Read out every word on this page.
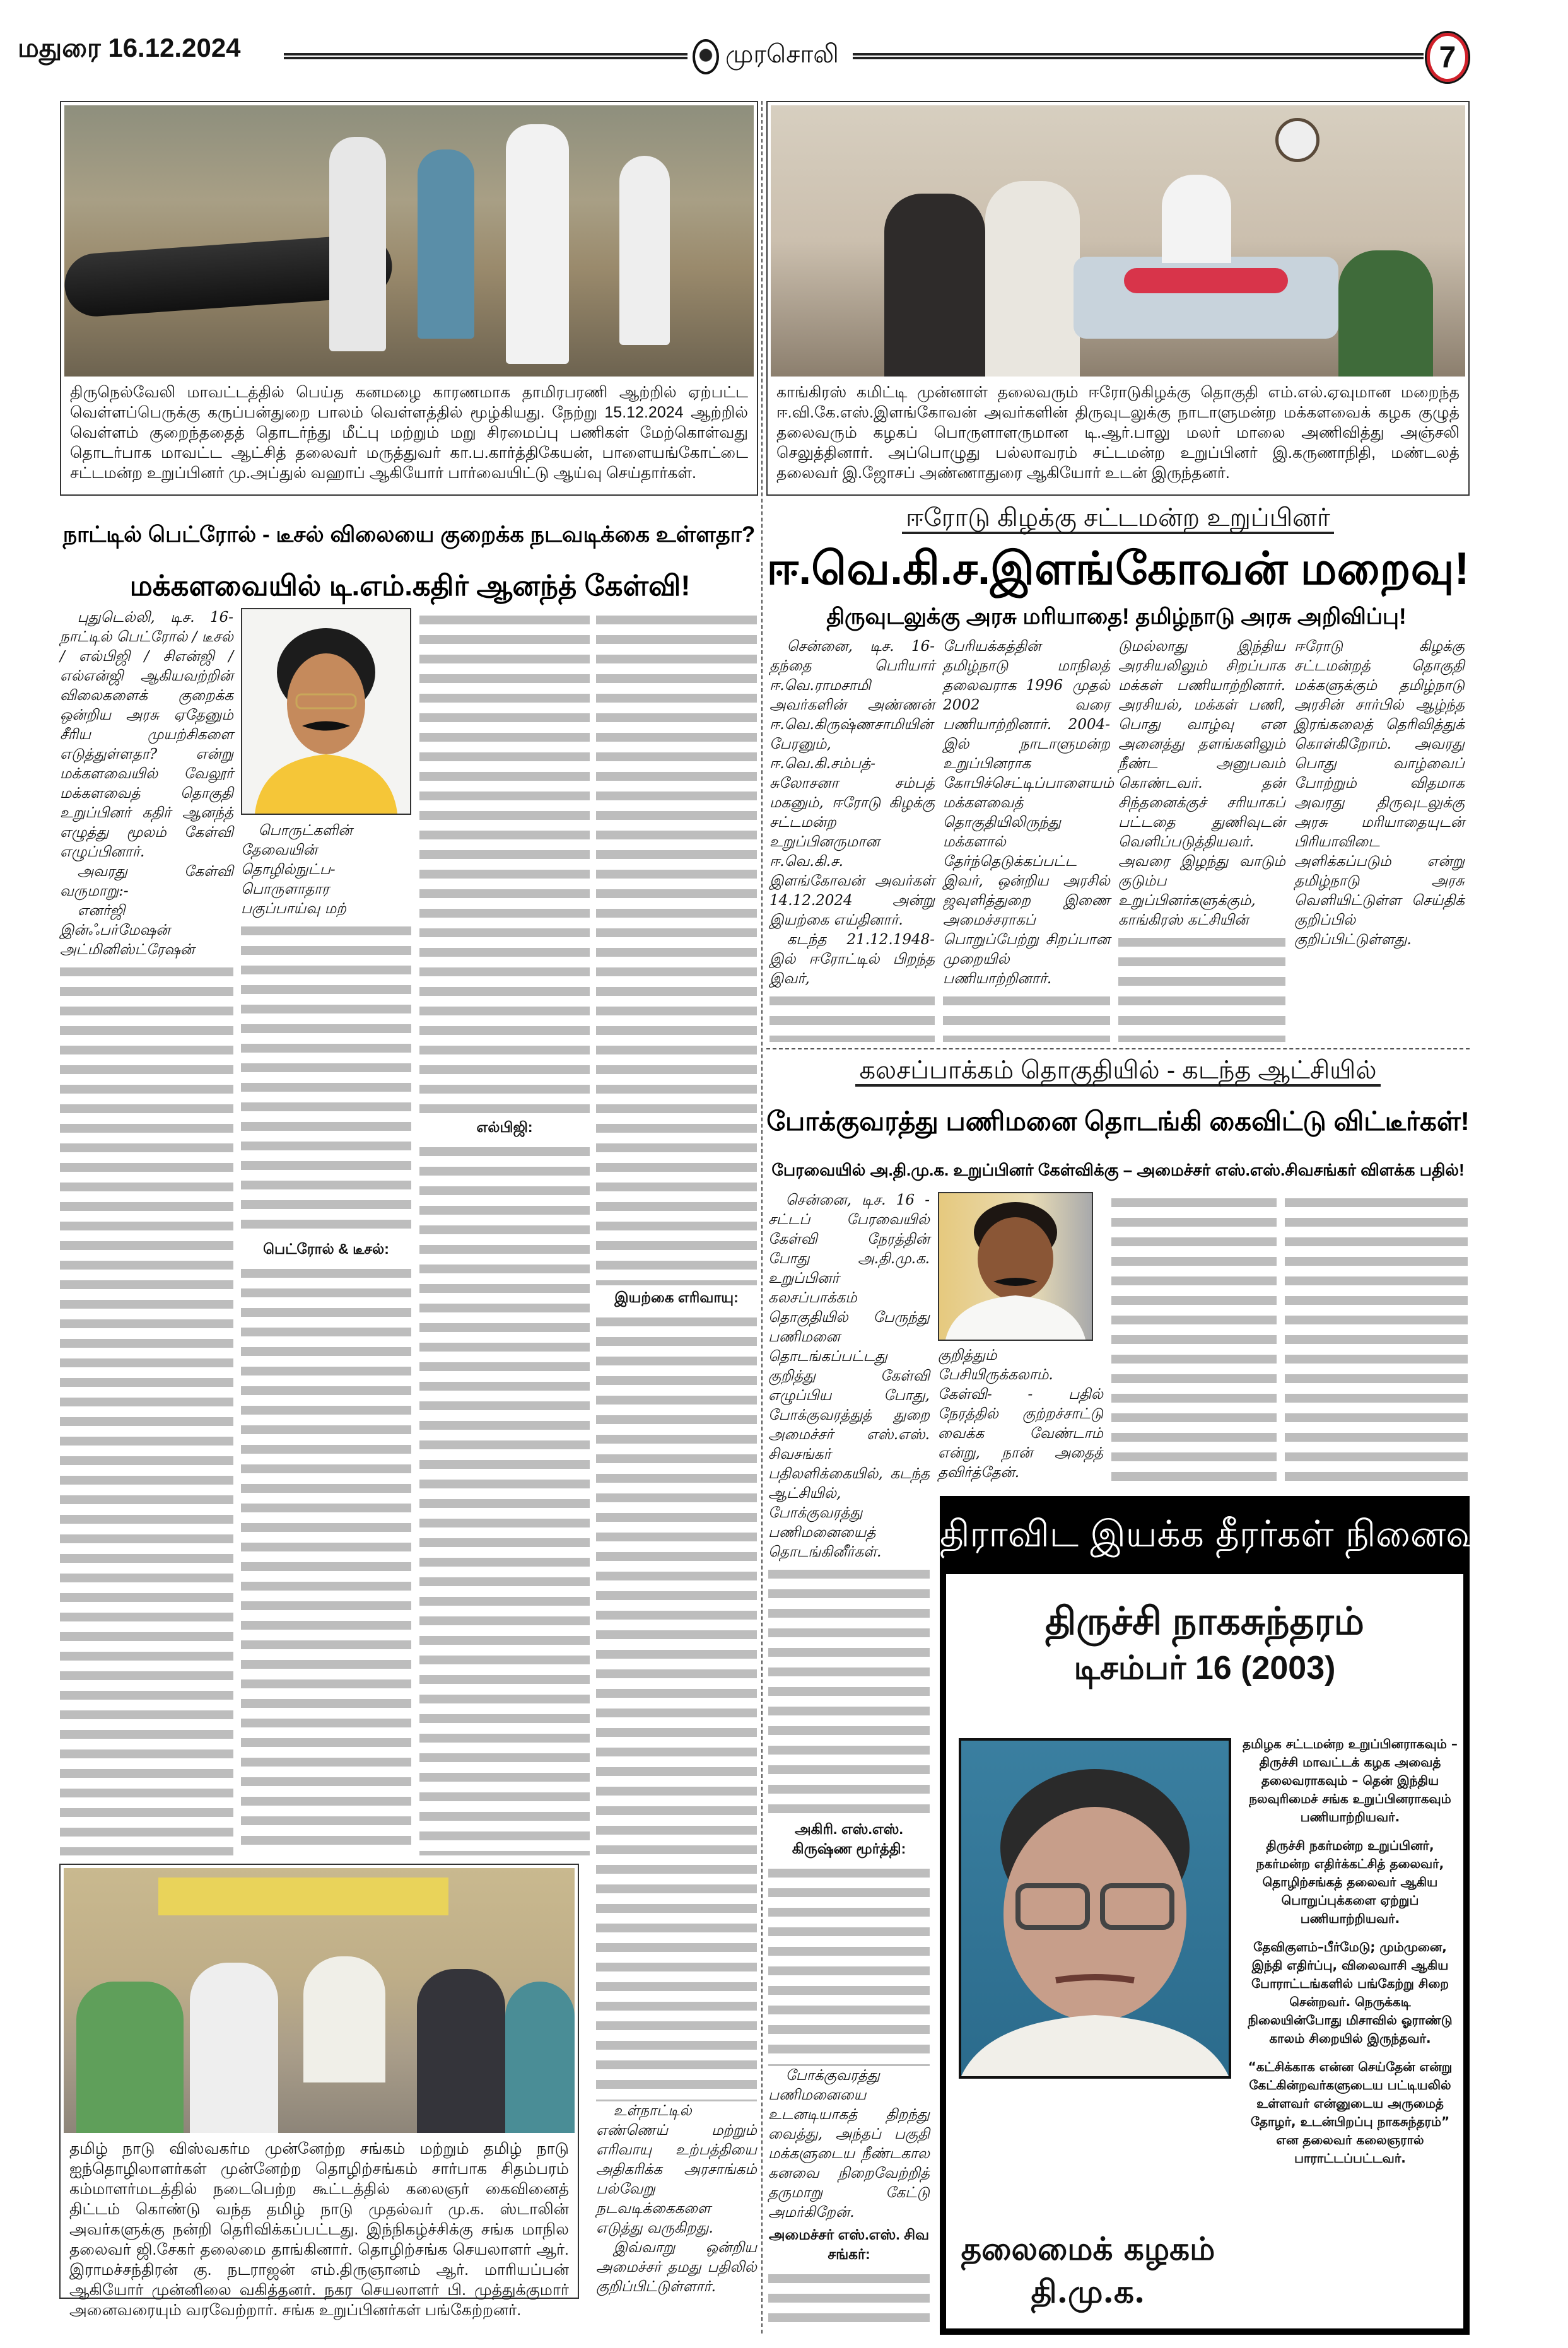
மதுரை 16.12.2024	முரசொலி	7
திருநெல்வேலி மாவட்டத்தில் பெய்த கனமழை காரணமாக தாமிரபரணி ஆற்றில் ஏற்பட்ட வெள்ளப்பெருக்கு கருப்பன்துறை பாலம் வெள்ளத்தில் மூழ்கியது. நேற்று 15.12.2024 ஆற்றில் வெள்ளம் குறைந்ததைத் தொடர்ந்து மீட்பு மற்றும் மறு சிரமைப்பு பணிகள் மேற்கொள்வது தொடர்பாக மாவட்ட ஆட்சித் தலைவர் மருத்துவர் கா.ப.கார்த்திகேயன், பாளையங்கோட்டை சட்டமன்ற உறுப்பினர் மு.அப்துல் வஹாப் ஆகியோர் பார்வையிட்டு ஆய்வு செய்தார்கள்.
காங்கிரஸ் கமிட்டி முன்னாள் தலைவரும் ஈரோடுகிழக்கு தொகுதி எம்.எல்.ஏவுமான மறைந்த ஈ.வி.கே.எஸ்.இளங்கோவன் அவர்களின் திருவுடலுக்கு நாடாளுமன்ற மக்களவைக் கழக குழுத் தலைவரும் கழகப் பொருளாளருமான டி.ஆர்.பாலு மலர் மாலை அணிவித்து அஞ்சலி செலுத்தினார். அப்பொழுது பல்லாவரம் சட்டமன்ற உறுப்பினர் இ.கருணாநிதி, மண்டலத் தலைவர் இ.ஜோசப் அண்ணாதுரை ஆகியோர் உடன் இருந்தனர்.
நாட்டில் பெட்ரோல் - டீசல் விலையை குறைக்க நடவடிக்கை உள்ளதா?
மக்களவையில் டி.எம்.கதிர் ஆனந்த் கேள்வி!

புதுடெல்லி, டிச. 16- நாட்டில் பெட்ரோல் / டீசல் / எல்பிஜி / சிஎன்ஜி / எல்என்ஜி ஆகியவற்றின் விலைகளைக் குறைக்க ஒன்றிய அரசு ஏதேனும் சீரிய முயற்சிகளை எடுத்துள்ளதா? என்று மக்களவையில் வேலூர் மக்களவைத் தொகுதி உறுப்பினர் கதிர் ஆனந்த் எழுத்து மூலம் கேள்வி எழுப்பினார்.

அவரது கேள்வி வருமாறு:-

எனர்ஜி இன்ஃபர்மேஷன் அட்மினிஸ்ட்ரேஷன்

பொருட்களின் தேவையின் தொழில்நுட்ப-பொருளாதார பகுப்பாய்வு மற்

பெட்ரோல் & டீசல்:
எல்பிஜி:
இயற்கை எரிவாயு:

உள்நாட்டில் எண்ணெய் மற்றும் எரிவாயு உற்பத்தியை அதிகரிக்க அரசாங்கம் பல்வேறு நடவடிக்கைகளை எடுத்து வருகிறது.

இவ்வாறு ஒன்றிய அமைச்சர் தமது பதிலில் குறிப்பிட்டுள்ளார்.

தமிழ் நாடு விஸ்வகர்ம முன்னேற்ற சங்கம் மற்றும் தமிழ் நாடு ஐந்தொழிலாளர்கள் முன்னேற்ற தொழிற்சங்கம் சார்பாக சிதம்பரம் கம்மாளர்மடத்தில் நடைபெற்ற கூட்டத்தில் கலைஞர் கைவினைத் திட்டம் கொண்டு வந்த தமிழ் நாடு முதல்வர் மு.க. ஸ்டாலின் அவர்களுக்கு நன்றி தெரிவிக்கப்பட்டது. இந்நிகழ்ச்சிக்கு சங்க மாநில தலைவர் ஜி.சேகர் தலைமை தாங்கினார். தொழிற்சங்க செயலாளர் ஆர். இராமச்சந்திரன் கு. நடராஜன் எம்.திருஞானம் ஆர். மாரியப்பன் ஆகியோர் முன்னிலை வகித்தனர். நகர செயலாளர் பி. முத்துக்குமார் அனைவரையும் வரவேற்றார். சங்க உறுப்பினர்கள் பங்கேற்றனர்.
ஈரோடு கிழக்கு சட்டமன்ற உறுப்பினர்
ஈ.வெ.கி.ச.இளங்கோவன் மறைவு!
திருவுடலுக்கு அரசு மரியாதை! தமிழ்நாடு அரசு அறிவிப்பு!

சென்னை, டிச. 16- தந்தை பெரியார் ஈ.வெ.ராமசாமி அவர்களின் அண்ணன் ஈ.வெ.கிருஷ்ணசாமியின் பேரனும், ஈ.வெ.கி.சம்பத்- சுலோசனா சம்பத் மகனும், ஈரோடு கிழக்கு சட்டமன்ற உறுப்பினருமான ஈ.வெ.கி.ச. இளங்கோவன் அவர்கள் 14.12.2024 அன்று இயற்கை எய்தினார்.

கடந்த 21.12.1948-இல் ஈரோட்டில் பிறந்த இவர்,

பேரியக்கத்தின் தமிழ்நாடு மாநிலத் தலைவராக 1996 முதல் 2002 வரை பணியாற்றினார். 2004-இல் நாடாளுமன்ற உறுப்பினராக கோபிச்செட்டிப்பாளையம் மக்களவைத் தொகுதியிலிருந்து மக்களால் தேர்ந்தெடுக்கப்பட்ட இவர், ஒன்றிய அரசில் ஜவுளித்துறை இணை அமைச்சராகப் பொறுப்பேற்று சிறப்பான முறையில் பணியாற்றினார்.

டுமல்லாது இந்திய அரசியலிலும் சிறப்பாக மக்கள் பணியாற்றினார். அரசியல், மக்கள் பணி, பொது வாழ்வு என அனைத்து தளங்களிலும் நீண்ட அனுபவம் கொண்டவர். தன் சிந்தனைக்குச் சரியாகப் பட்டதை துணிவுடன் வெளிப்படுத்தியவர். அவரை இழந்து வாடும் குடும்ப உறுப்பினர்களுக்கும், காங்கிரஸ் கட்சியின்

ஈரோடு கிழக்கு சட்டமன்றத் தொகுதி மக்களுக்கும் தமிழ்நாடு அரசின் சார்பில் ஆழ்ந்த இரங்கலைத் தெரிவித்துக் கொள்கிறோம். அவரது பொது வாழ்வைப் போற்றும் விதமாக அவரது திருவுடலுக்கு அரசு மரியாதையுடன் பிரியாவிடை அளிக்கப்படும் என்று தமிழ்நாடு அரசு வெளியிட்டுள்ள செய்திக் குறிப்பில் குறிப்பிட்டுள்ளது.

கலசப்பாக்கம் தொகுதியில் - கடந்த ஆட்சியில்
போக்குவரத்து பணிமனை தொடங்கி கைவிட்டு விட்டீர்கள்!
பேரவையில் அ.தி.மு.க. உறுப்பினர் கேள்விக்கு – அமைச்சர் எஸ்.எஸ்.சிவசங்கர் விளக்க பதில்!

சென்னை, டிச. 16 - சட்டப் பேரவையில் கேள்வி நேரத்தின் போது அ.தி.மு.க. உறுப்பினர் கலசப்பாக்கம் தொகுதியில் பேருந்து பணிமனை தொடங்கப்பட்டது குறித்து கேள்வி எழுப்பிய போது, போக்குவரத்துத் துறை அமைச்சர் எஸ்.எஸ். சிவசங்கர் பதிலளிக்கையில், கடந்த ஆட்சியில், போக்குவரத்து பணிமனையைத் தொடங்கினீர்கள்.

அகிரி. எஸ்.எஸ். கிருஷ்ண மூர்த்தி:

போக்குவரத்து பணிமனையை உடனடியாகத் திறந்து வைத்து, அந்தப் பகுதி மக்களுடைய நீண்டகால கனவை நிறைவேற்றித் தருமாறு கேட்டு அமர்கிறேன்.

அமைச்சர் எஸ்.எஸ். சிவ சங்கர்:

குறித்தும் பேசியிருக்கலாம். கேள்வி- - பதில் நேரத்தில் குற்றச்சாட்டு வைக்க வேண்டாம் என்று, நான் அதைத் தவிர்த்தேன்.

திராவிட இயக்க தீரர்கள் நினைவு நாள்
திருச்சி நாகசுந்தரம்
டிசம்பர் 16 (2003)

தமிழக சட்டமன்ற உறுப்பினராகவும் – திருச்சி மாவட்டக் கழக அவைத் தலைவராகவும் – தென் இந்திய நலவுரிமைச் சங்க உறுப்பினராகவும் பணியாற்றியவர்.

திருச்சி நகர்மன்ற உறுப்பினர், நகர்மன்ற எதிர்க்கட்சித் தலைவர், தொழிற்சங்கத் தலைவர் ஆகிய பொறுப்புக்களை ஏற்றுப் பணியாற்றியவர்.

தேவிகுளம்–பீர்மேடு; மும்முனை, இந்தி எதிர்ப்பு, விலைவாசி ஆகிய போராட்டங்களில் பங்கேற்று சிறை சென்றவர். நெருக்கடி நிலையின்போது மிசாவில் ஓராண்டு காலம் சிறையில் இருந்தவர்.

“கட்சிக்காக என்ன செய்தேன் என்று கேட்கின்றவர்களுடைய பட்டியலில் உள்ளவர் என்னுடைய அருமைத் தோழர், உடன்பிறப்பு நாகசுந்தரம்” என தலைவர் கலைஞரால் பாராட்டப்பட்டவர்.

தலைமைக் கழகம்
தி.மு.க.
